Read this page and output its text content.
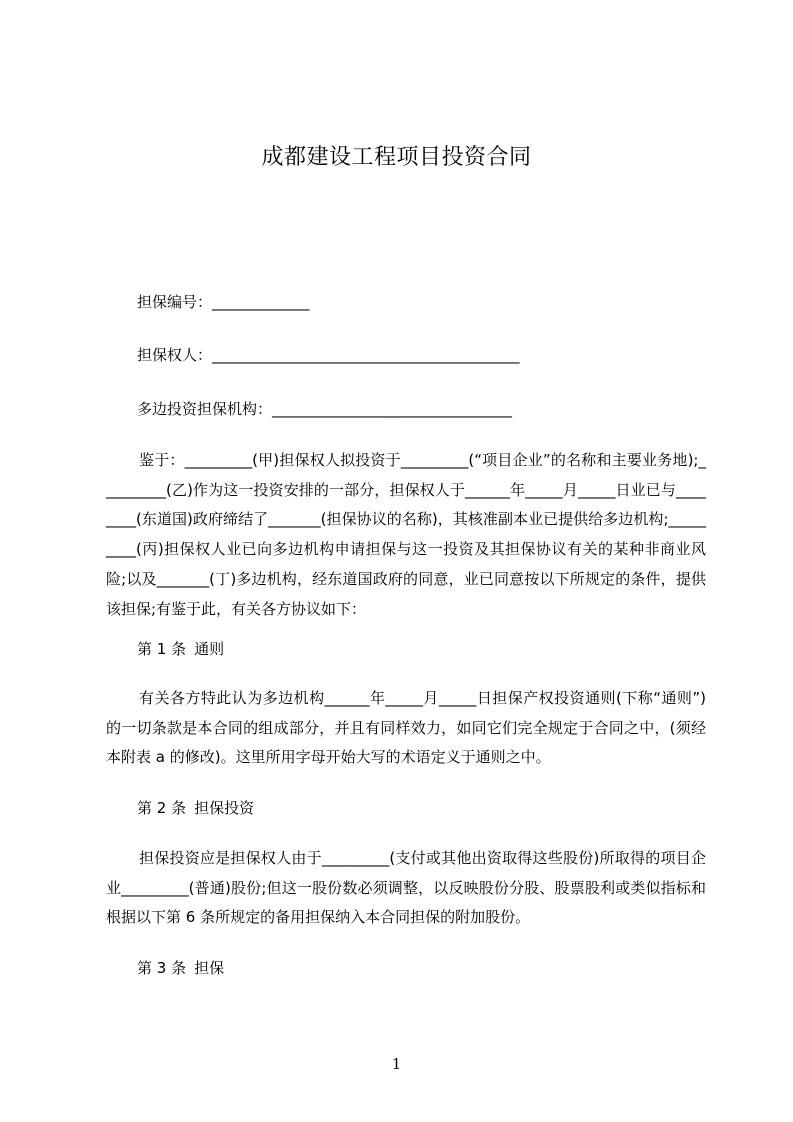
成都建设工程项目投资合同
担保编号：_____________
担保权人：_________________________________________
多边投资担保机构：________________________________
鉴于：_________(甲)担保权人拟投资于_________(“项目企业”的名称和主要业务地);_________(乙)作为这一投资安排的一部分，担保权人于______年_____月_____日业已与________(东道国)政府缔结了_______(担保协议的名称)，其核准副本业已提供给多边机构;_________(丙)担保权人业已向多边机构申请担保与这一投资及其担保协议有关的某种非商业风险;以及_______(丁)多边机构，经东道国政府的同意，业已同意按以下所规定的条件，提供该担保;有鉴于此，有关各方协议如下：
第 1 条 通则
有关各方特此认为多边机构______年_____月_____日担保产权投资通则(下称“通则”)的一切条款是本合同的组成部分，并且有同样效力，如同它们完全规定于合同之中，(须经本附表 a 的修改)。这里所用字母开始大写的术语定义于通则之中。
第 2 条 担保投资
担保投资应是担保权人由于_________(支付或其他出资取得这些股份)所取得的项目企业_________(普通)股份;但这一股份数必须调整，以反映股份分股、股票股利或类似指标和根据以下第 6 条所规定的备用担保纳入本合同担保的附加股份。
第 3 条 担保
1
